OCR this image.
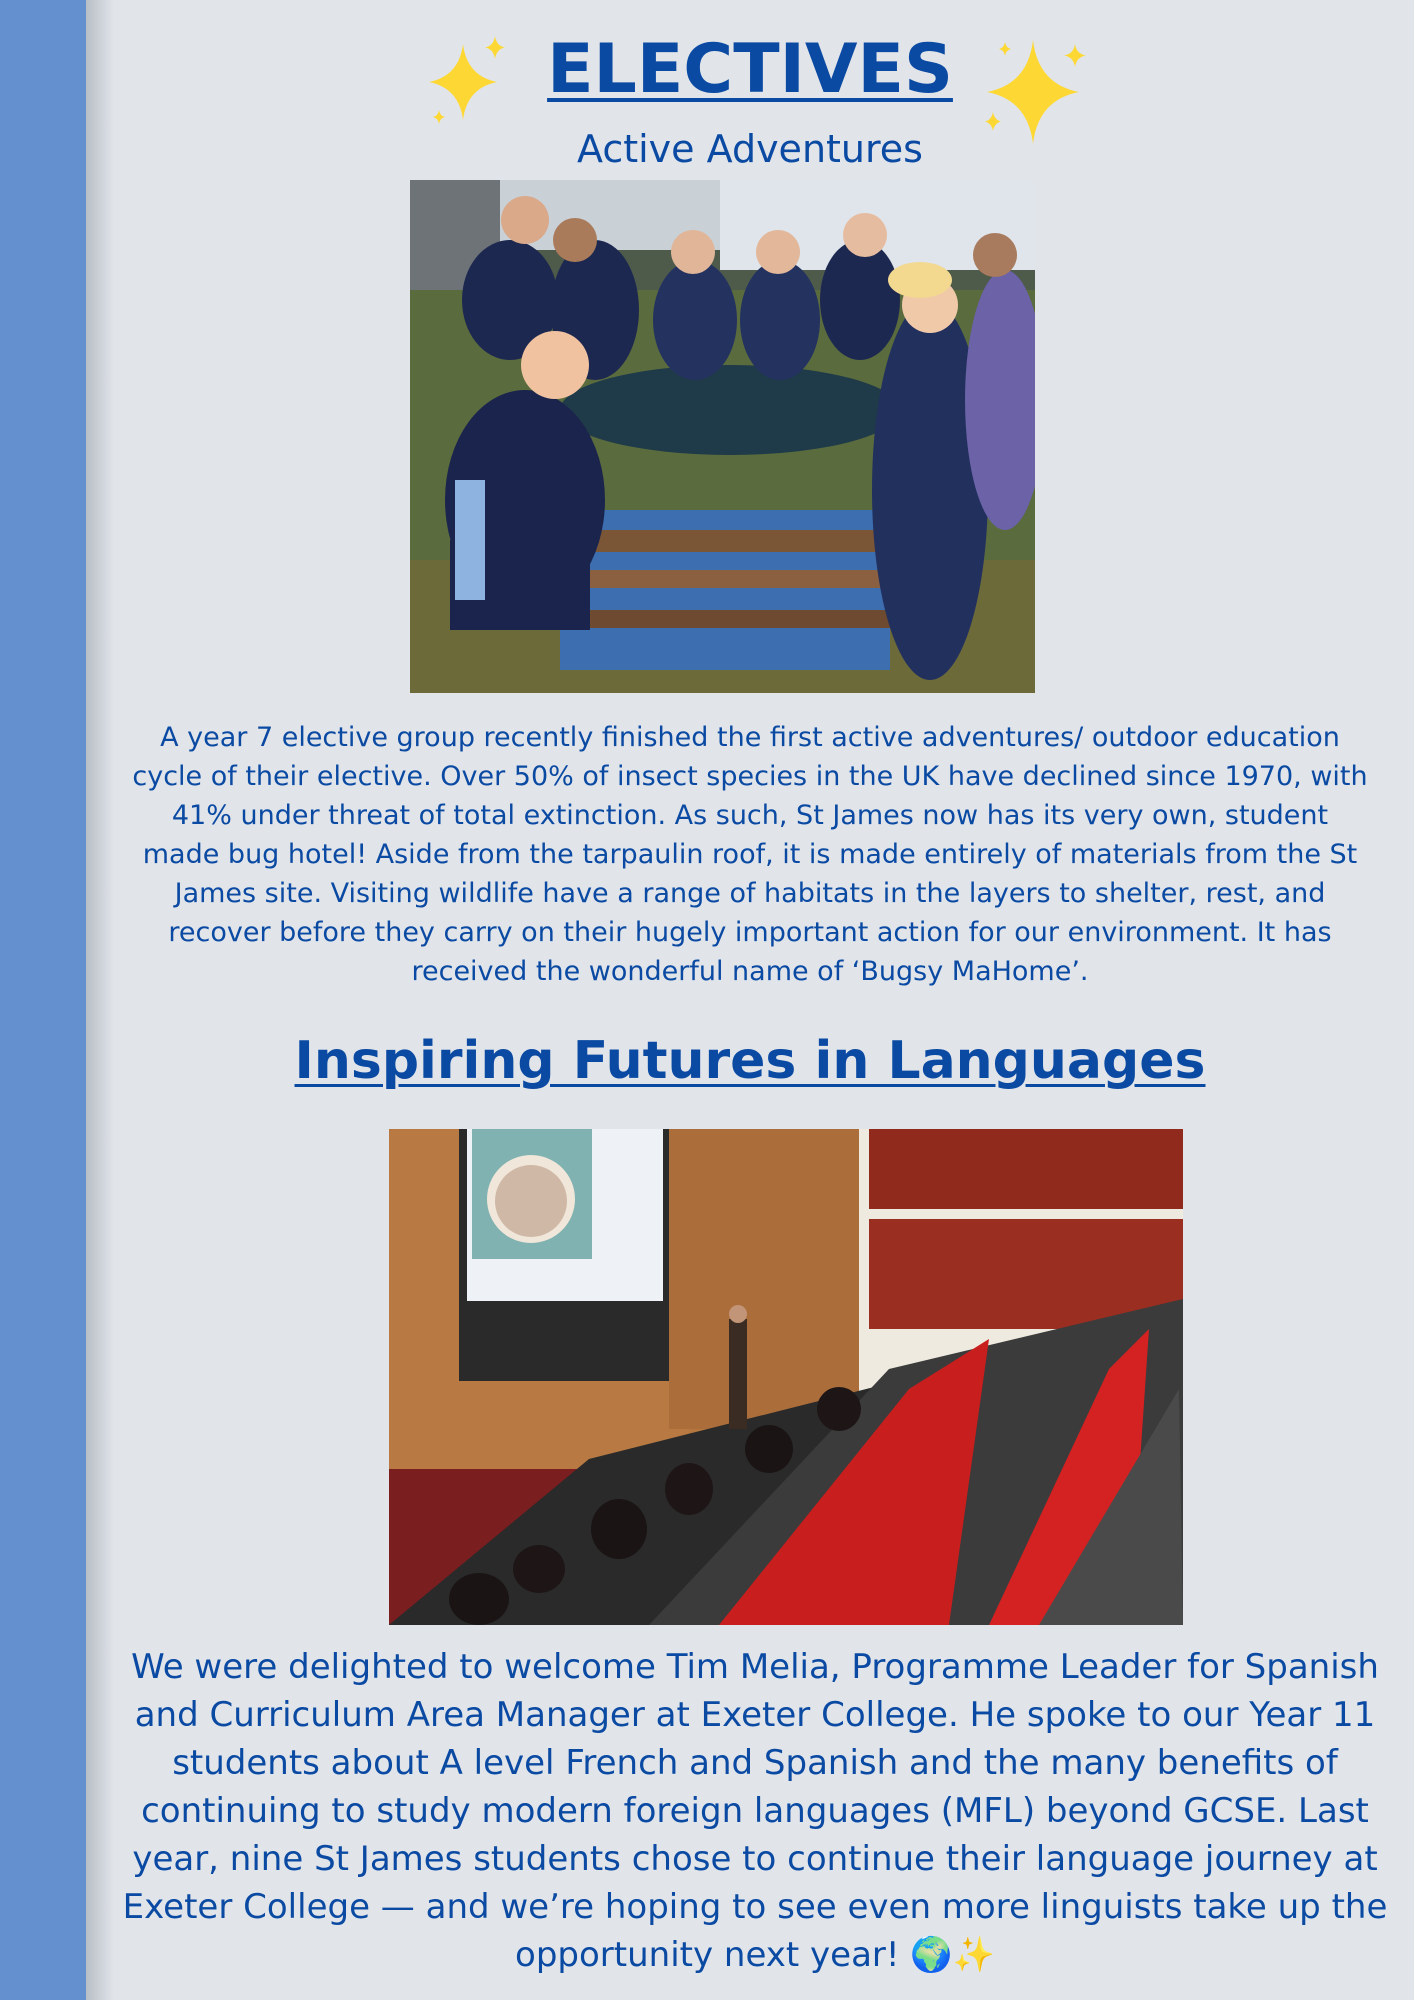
ELECTIVES
Active Adventures
A year 7 elective group recently finished the first active adventures/ outdoor education cycle of their elective. Over 50% of insect species in the UK have declined since 1970, with 41% under threat of total extinction. As such, St James now has its very own, student made bug hotel! Aside from the tarpaulin roof, it is made entirely of materials from the St James site. Visiting wildlife have a range of habitats in the layers to shelter, rest, and recover before they carry on their hugely important action for our environment. It has received the wonderful name of ‘Bugsy MaHome’.
Inspiring Futures in Languages
We were delighted to welcome Tim Melia, Programme Leader for Spanish and Curriculum Area Manager at Exeter College. He spoke to our Year 11 students about A level French and Spanish and the many benefits of continuing to study modern foreign languages (MFL) beyond GCSE. Last year, nine St James students chose to continue their language journey at Exeter College — and we’re hoping to see even more linguists take up the opportunity next year! 🌍✨
